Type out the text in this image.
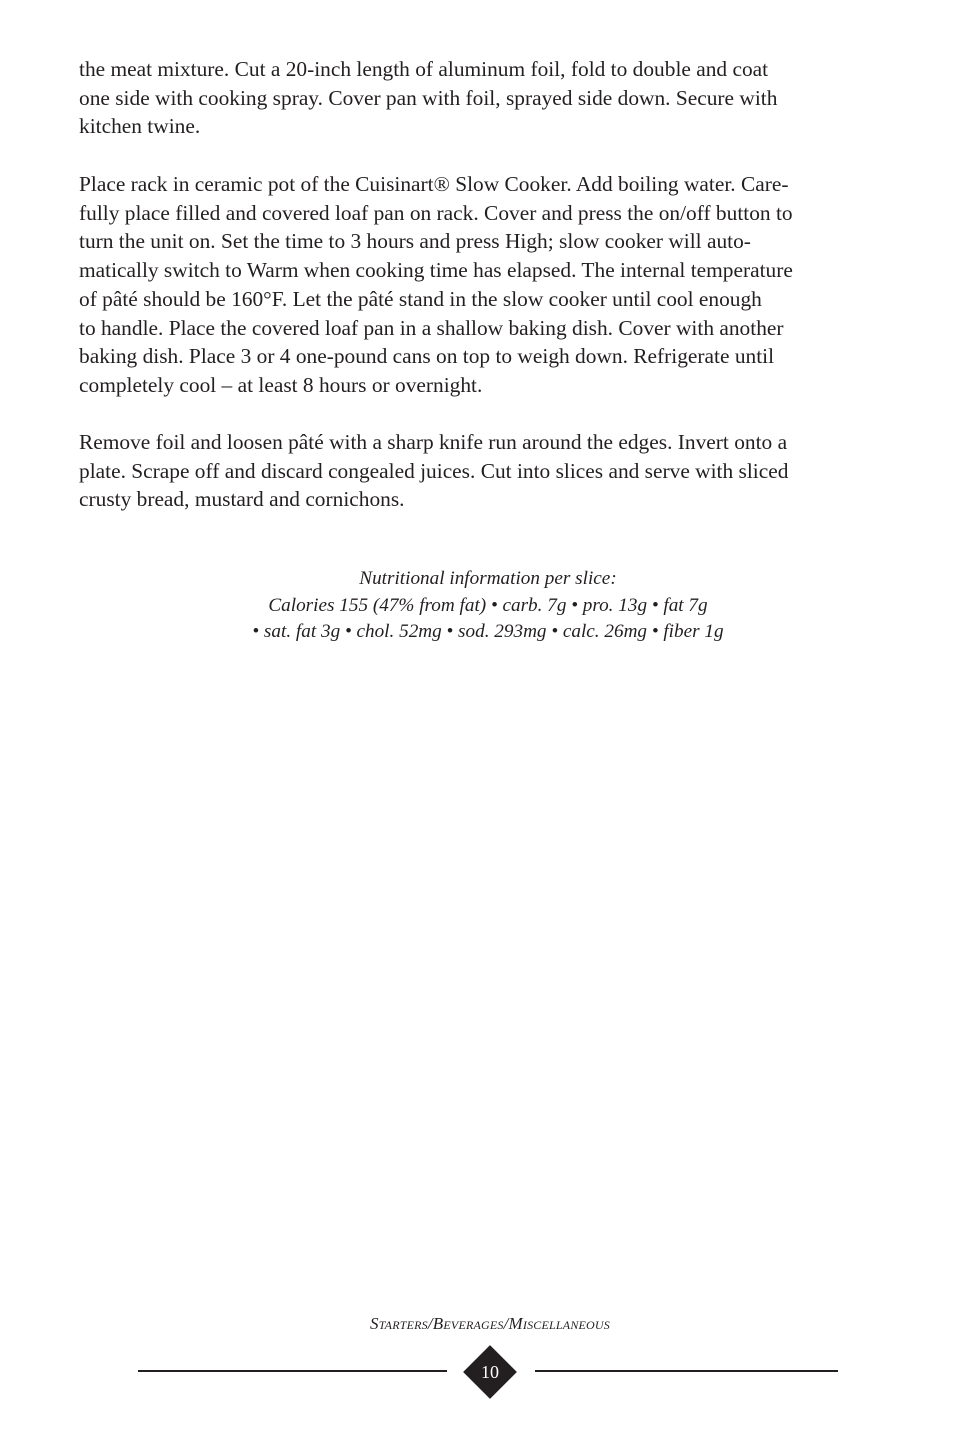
the meat mixture. Cut a 20-inch length of aluminum foil, fold to double and coat
one side with cooking spray. Cover pan with foil, sprayed side down. Secure with
kitchen twine.

Place rack in ceramic pot of the Cuisinart® Slow Cooker. Add boiling water. Care-
fully place filled and covered loaf pan on rack. Cover and press the on/off button to
turn the unit on. Set the time to 3 hours and press High; slow cooker will auto-
matically switch to Warm when cooking time has elapsed. The internal temperature
of pâté should be 160°F. Let the pâté stand in the slow cooker until cool enough
to handle. Place the covered loaf pan in a shallow baking dish. Cover with another
baking dish. Place 3 or 4 one-pound cans on top to weigh down. Refrigerate until
completely cool – at least 8 hours or overnight.

Remove foil and loosen pâté with a sharp knife run around the edges. Invert onto a
plate. Scrape off and discard congealed juices. Cut into slices and serve with sliced
crusty bread, mustard and cornichons.

Nutritional information per slice:
Calories 155 (47% from fat) • carb. 7g • pro. 13g • fat 7g
• sat. fat 3g • chol. 52mg • sod. 293mg • calc. 26mg • fiber 1g
Starters/Beverages/Miscellaneous
10
